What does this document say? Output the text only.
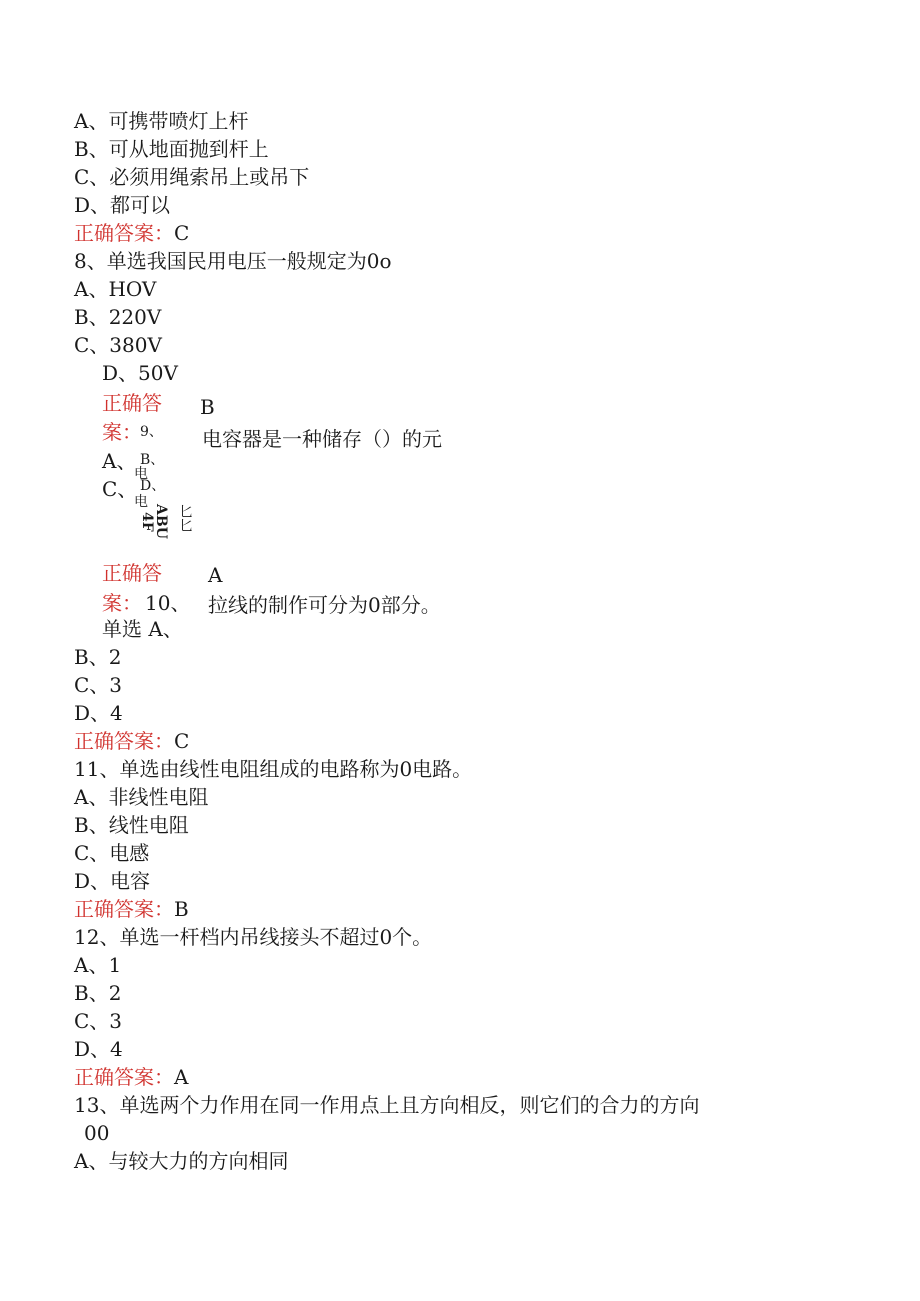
A、可携带喷灯上杆
B、可从地面抛到杆上
C、必须用绳索吊上或吊下
D、都可以
正确答案：C
8、单选我国民用电压一般规定为0o
A、HOV
B、220V
C、380V
D、50V
正确答 B
案：
9、 电容器是一种储存（）的元
A、 B、
C、 D、
电
电
ABU
4F 匕匕
正确答 A
案： 10、 拉线的制作可分为0部分。
单选 A、
B、2
C、3
D、4
正确答案：C
11、单选由线性电阻组成的电路称为0电路。
A、非线性电阻
B、线性电阻
C、电感
D、电容
正确答案：B
12、单选一杆档内吊线接头不超过0个。
A、1
B、2
C、3
D、4
正确答案：A
13、单选两个力作用在同一作用点上且方向相反，则它们的合力的方向
00
A、与较大力的方向相同
